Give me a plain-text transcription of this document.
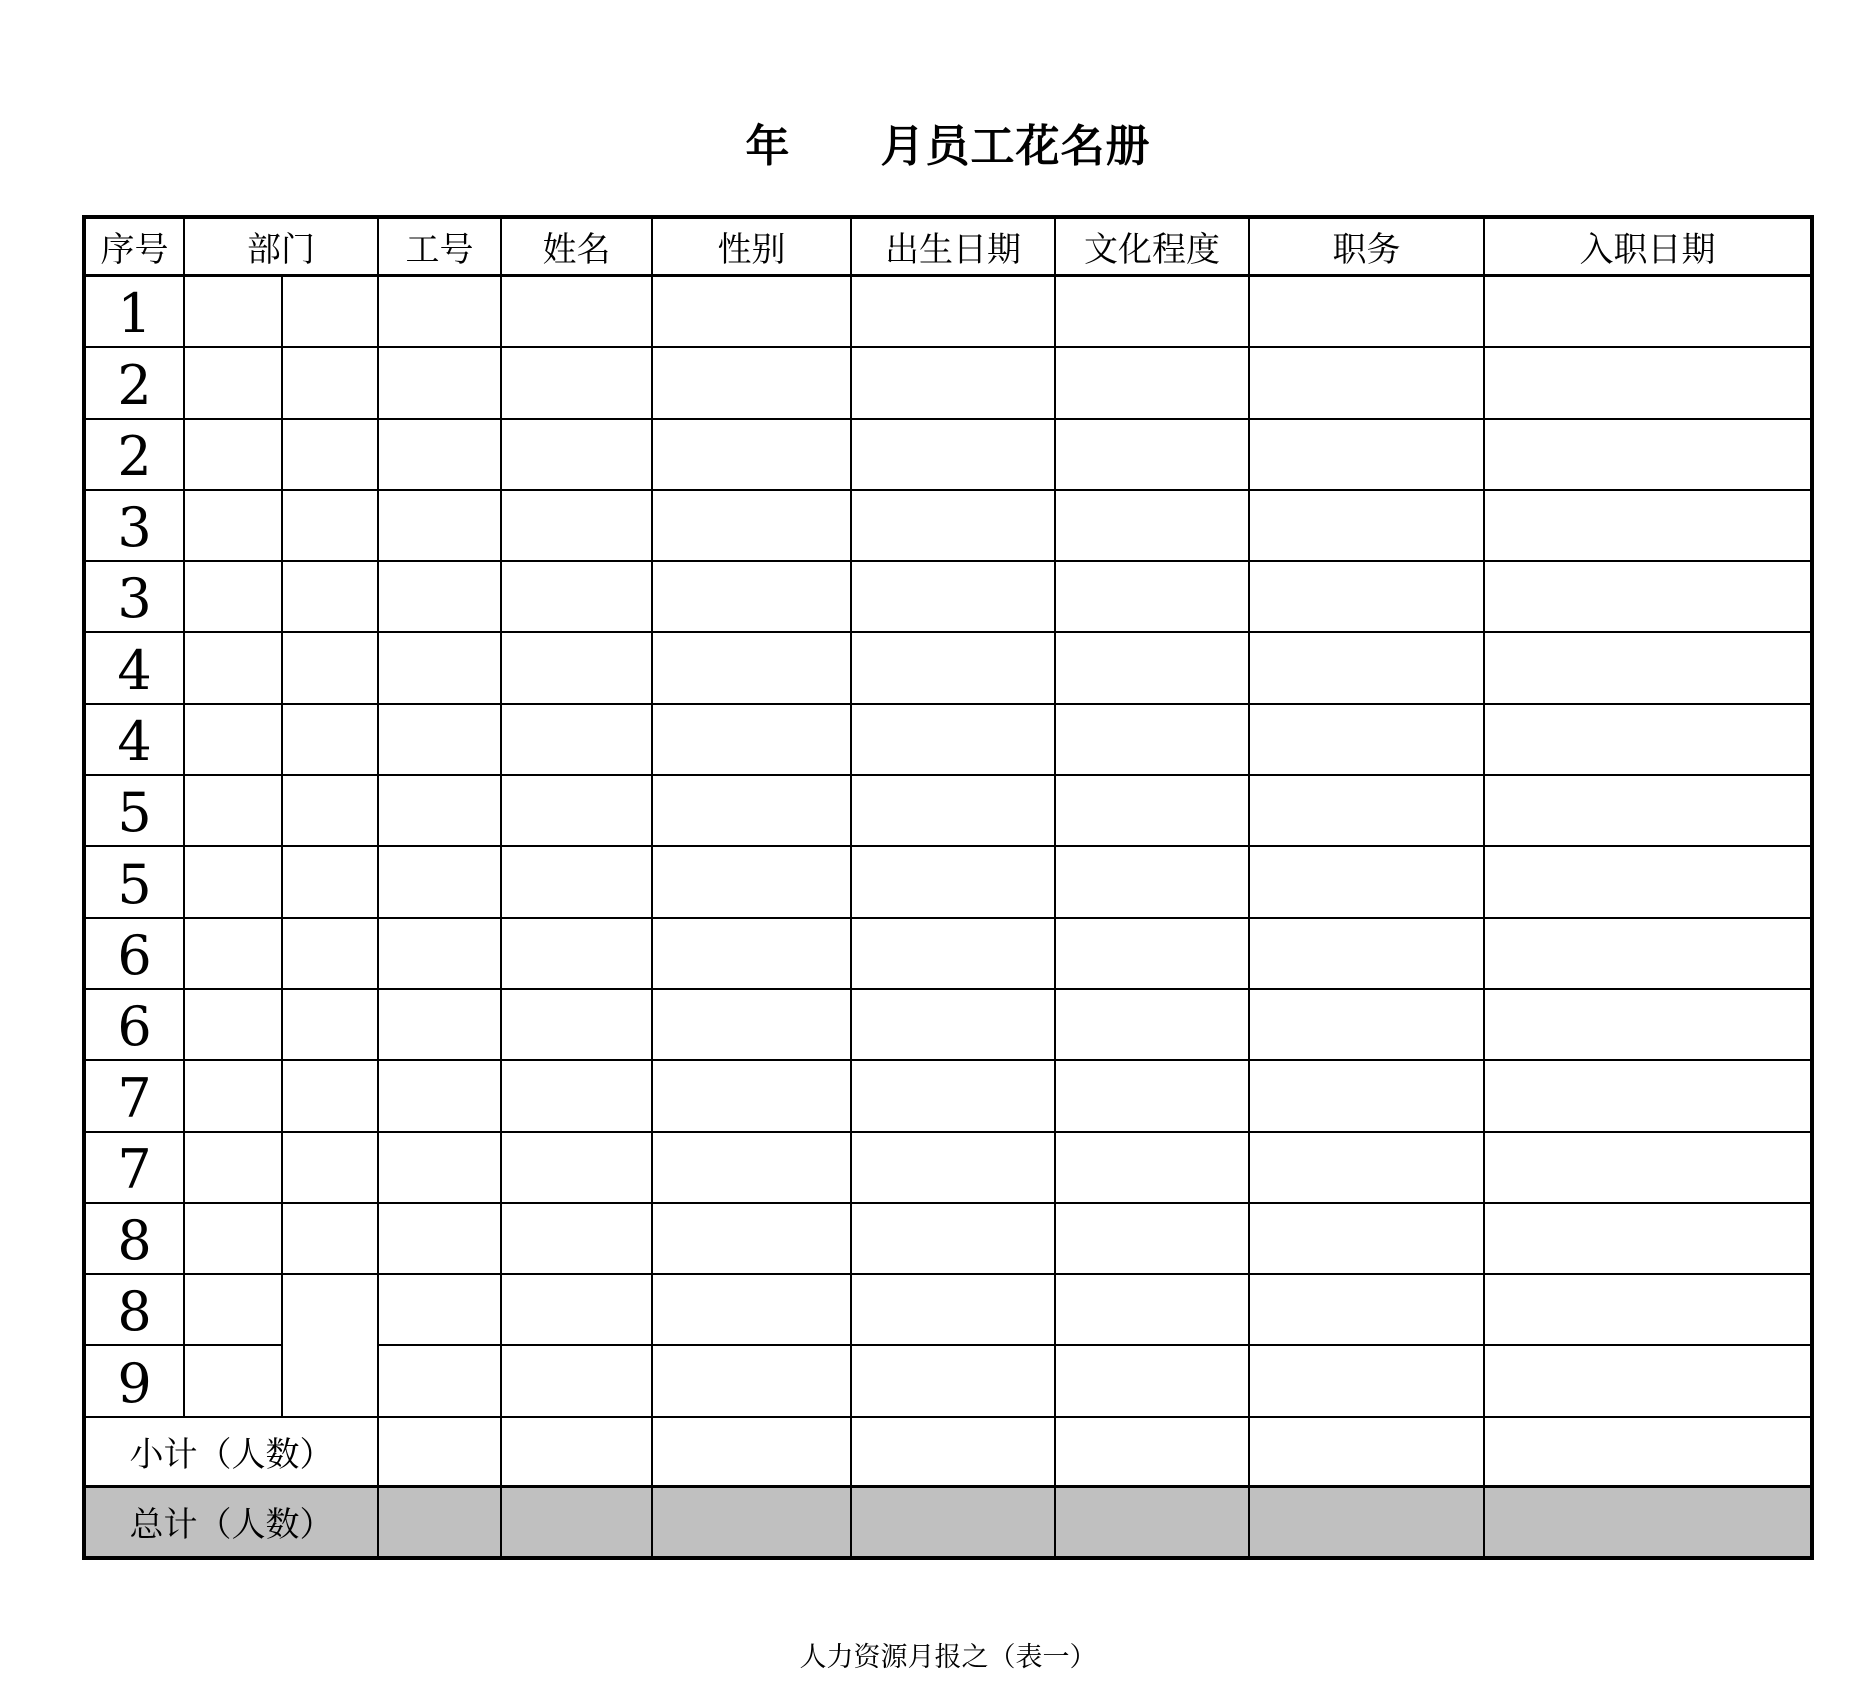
年　　月员工花名册
序号	部门	工号	姓名	性别	出生日期	文化程度	职务	入职日期
1
2
2
3
3
4
4
5
5
6
6
7
7
8
8
9
小计（人数）
总计（人数）
人力资源月报之（表一）
